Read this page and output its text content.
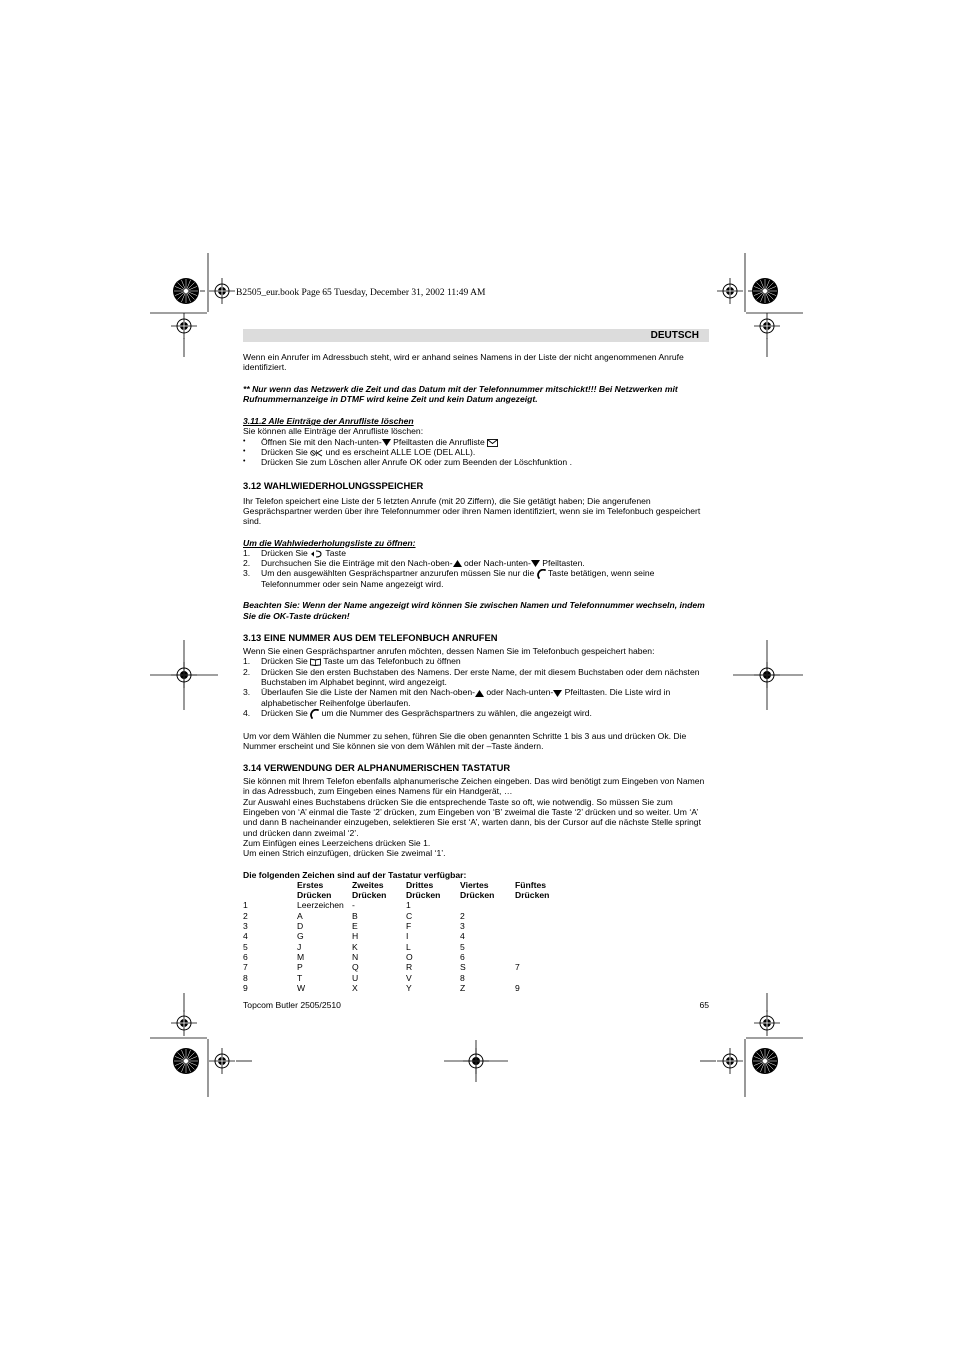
B2505_eur.book Page 65 Tuesday, December 31, 2002 11:49 AM
DEUTSCH

Wenn ein Anrufer im Adressbuch steht, wird er anhand seines Namens in der Liste der nicht angenommenen Anrufe identifiziert.

** Nur wenn das Netzwerk die Zeit und das Datum mit der Telefonnummer mitschickt!!! Bei Netzwerken mit Rufnummernanzeige in DTMF wird keine Zeit und kein Datum angezeigt.

3.11.2 Alle Einträge der Anrufliste löschen

Sie können alle Einträge der Anrufliste löschen:

• Öffnen Sie mit den Nach-unten-
Pfeiltasten die Anrufliste
• Drücken Sie
und es erscheint ALLE LOE (DEL ALL).
• Drücken Sie zum Löschen aller Anrufe OK oder zum Beenden der Löschfunktion .
3.12 WAHLWIEDERHOLUNGSSPEICHER

Ihr Telefon speichert eine Liste der 5 letzten Anrufe (mit 20 Ziffern), die Sie getätigt haben; Die angerufenen Gesprächspartner werden über ihre Telefonnummer oder ihren Namen identifiziert, wenn sie im Telefonbuch gespeichert sind.

Um die Wahlwiederholungsliste zu öffnen:

1. Drücken Sie
Taste
2. Durchsuchen Sie die Einträge mit den Nach-oben-
oder Nach-unten-
Pfeiltasten.
3. Um den ausgewählten Gesprächspartner anzurufen müssen Sie nur die
Taste betätigen, wenn seine Telefonnummer oder sein Name angezeigt wird.

Beachten Sie: Wenn der Name angezeigt wird können Sie zwischen Namen und Telefonnummer wechseln, indem Sie die OK-Taste drücken!

3.13 EINE NUMMER AUS DEM TELEFONBUCH ANRUFEN

Wenn Sie einen Gesprächspartner anrufen möchten, dessen Namen Sie im Telefonbuch gespeichert haben:

1. Drücken Sie
Taste um das Telefonbuch zu öffnen
2. Drücken Sie den ersten Buchstaben des Namens. Der erste Name, der mit diesem Buchstaben oder dem nächsten Buchstaben im Alphabet beginnt, wird angezeigt.
3. Überlaufen Sie die Liste der Namen mit den Nach-oben-
oder Nach-unten-
Pfeiltasten. Die Liste wird in alphabetischer Reihenfolge überlaufen.
4. Drücken Sie
um die Nummer des Gesprächspartners zu wählen, die angezeigt wird.

Um vor dem Wählen die Nummer zu sehen, führen Sie die oben genannten Schritte 1 bis 3 aus und drücken Ok. Die Nummer erscheint und Sie können sie von dem Wählen mit der –Taste ändern.

3.14 VERWENDUNG DER ALPHANUMERISCHEN TASTATUR

Sie können mit Ihrem Telefon ebenfalls alphanumerische Zeichen eingeben. Das wird benötigt zum Eingeben von Namen in das Adressbuch, zum Eingeben eines Namens für ein Handgerät, …

Zur Auswahl eines Buchstabens drücken Sie die entsprechende Taste so oft, wie notwendig. So müssen Sie zum Eingeben von ‘A’ einmal die Taste ‘2’ drücken, zum Eingeben von ‘B’ zweimal die Taste ‘2’ drücken und so weiter. Um ‘A’ und dann B nacheinander einzugeben, selektieren Sie erst ‘A’, warten dann, bis der Cursor auf die nächste Stelle springt und drücken dann zweimal ‘2’.

Zum Einfügen eines Leerzeichens drücken Sie 1.

Um einen Strich einzufügen, drücken Sie zweimal ‘1’.

Die folgenden Zeichen sind auf der Tastatur verfügbar:

	Erstes	Zweites	Drittes	Viertes	Fünftes
	Drücken	Drücken	Drücken	Drücken	Drücken
1	Leerzeichen	-	1		
2	A	B	C	2	
3	D	E	F	3	
4	G	H	I	4	
5	J	K	L	5	
6	M	N	O	6	
7	P	Q	R	S	7
8	T	U	V	8	
9	W	X	Y	Z	9
Topcom Butler 2505/2510	65
